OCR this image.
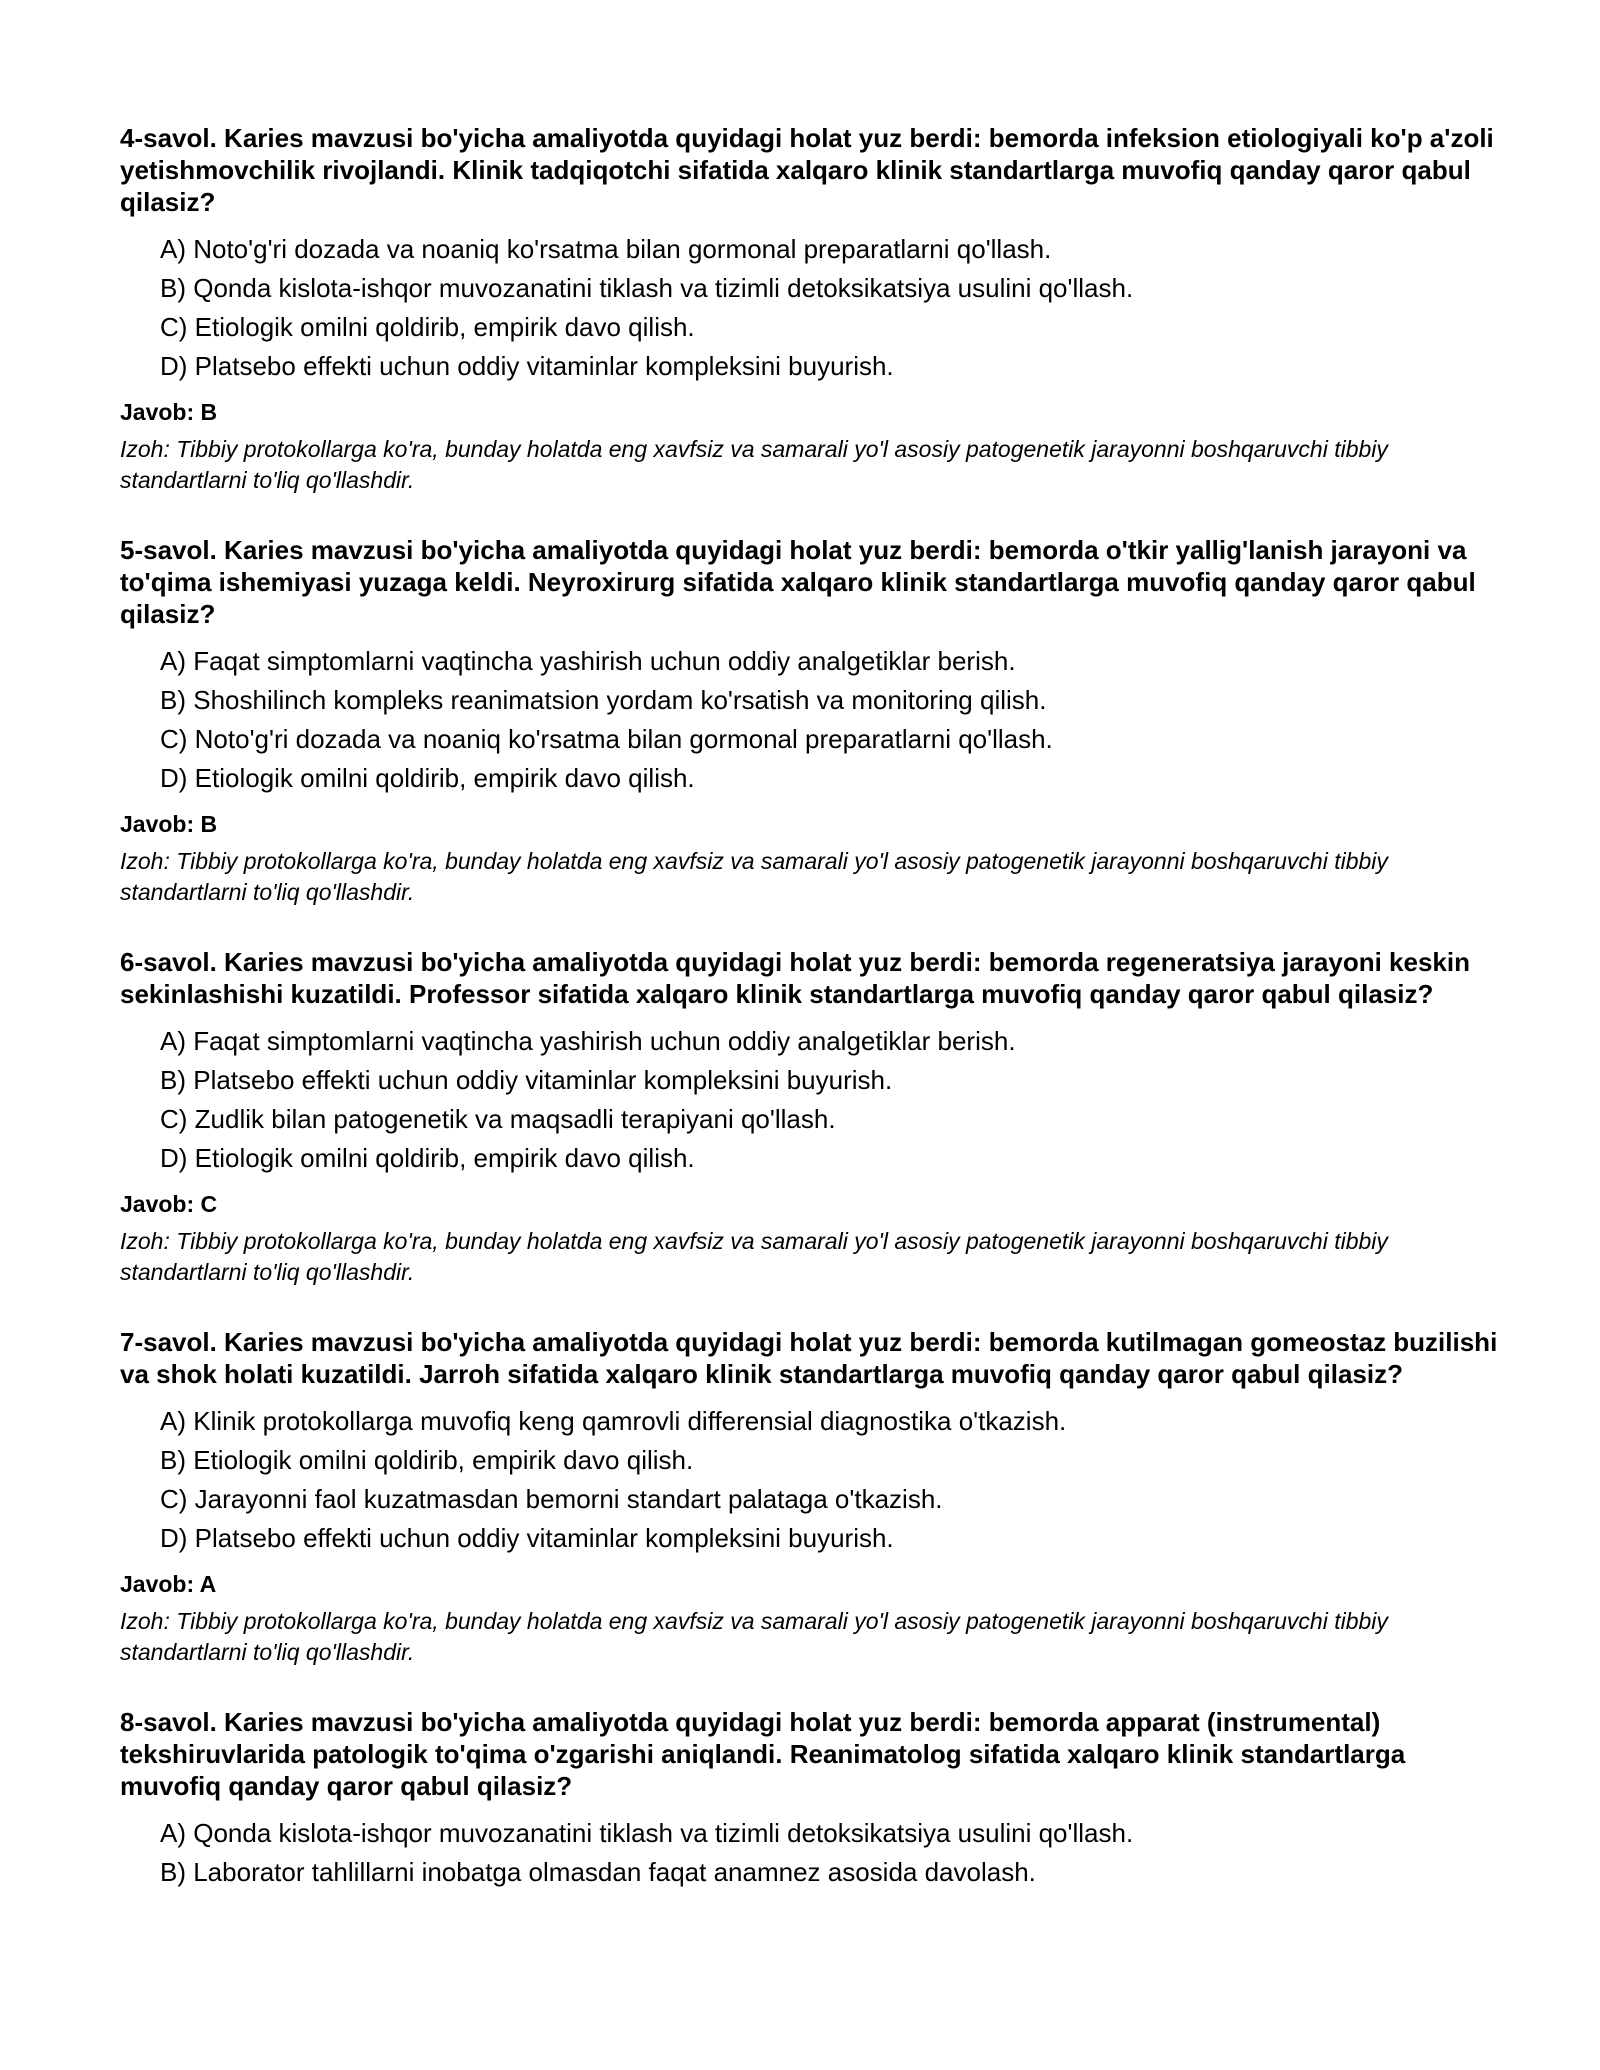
4-savol. Karies mavzusi bo'yicha amaliyotda quyidagi holat yuz berdi: bemorda infeksion etiologiyali ko'p a'zoli yetishmovchilik rivojlandi. Klinik tadqiqotchi sifatida xalqaro klinik standartlarga muvofiq qanday qaror qabul qilasiz?

A) Noto'g'ri dozada va noaniq ko'rsatma bilan gormonal preparatlarni qo'llash.
B) Qonda kislota-ishqor muvozanatini tiklash va tizimli detoksikatsiya usulini qo'llash.
C) Etiologik omilni qoldirib, empirik davo qilish.
D) Platsebo effekti uchun oddiy vitaminlar kompleksini buyurish.

Javob: B

Izoh: Tibbiy protokollarga ko'ra, bunday holatda eng xavfsiz va samarali yo'l asosiy patogenetik jarayonni boshqaruvchi tibbiy standartlarni to'liq qo'llashdir.

5-savol. Karies mavzusi bo'yicha amaliyotda quyidagi holat yuz berdi: bemorda o'tkir yallig'lanish jarayoni va to'qima ishemiyasi yuzaga keldi. Neyroxirurg sifatida xalqaro klinik standartlarga muvofiq qanday qaror qabul qilasiz?

A) Faqat simptomlarni vaqtincha yashirish uchun oddiy analgetiklar berish.
B) Shoshilinch kompleks reanimatsion yordam ko'rsatish va monitoring qilish.
C) Noto'g'ri dozada va noaniq ko'rsatma bilan gormonal preparatlarni qo'llash.
D) Etiologik omilni qoldirib, empirik davo qilish.

Javob: B

Izoh: Tibbiy protokollarga ko'ra, bunday holatda eng xavfsiz va samarali yo'l asosiy patogenetik jarayonni boshqaruvchi tibbiy standartlarni to'liq qo'llashdir.

6-savol. Karies mavzusi bo'yicha amaliyotda quyidagi holat yuz berdi: bemorda regeneratsiya jarayoni keskin sekinlashishi kuzatildi. Professor sifatida xalqaro klinik standartlarga muvofiq qanday qaror qabul qilasiz?

A) Faqat simptomlarni vaqtincha yashirish uchun oddiy analgetiklar berish.
B) Platsebo effekti uchun oddiy vitaminlar kompleksini buyurish.
C) Zudlik bilan patogenetik va maqsadli terapiyani qo'llash.
D) Etiologik omilni qoldirib, empirik davo qilish.

Javob: C

Izoh: Tibbiy protokollarga ko'ra, bunday holatda eng xavfsiz va samarali yo'l asosiy patogenetik jarayonni boshqaruvchi tibbiy standartlarni to'liq qo'llashdir.

7-savol. Karies mavzusi bo'yicha amaliyotda quyidagi holat yuz berdi: bemorda kutilmagan gomeostaz buzilishi va shok holati kuzatildi. Jarroh sifatida xalqaro klinik standartlarga muvofiq qanday qaror qabul qilasiz?

A) Klinik protokollarga muvofiq keng qamrovli differensial diagnostika o'tkazish.
B) Etiologik omilni qoldirib, empirik davo qilish.
C) Jarayonni faol kuzatmasdan bemorni standart palataga o'tkazish.
D) Platsebo effekti uchun oddiy vitaminlar kompleksini buyurish.

Javob: A

Izoh: Tibbiy protokollarga ko'ra, bunday holatda eng xavfsiz va samarali yo'l asosiy patogenetik jarayonni boshqaruvchi tibbiy standartlarni to'liq qo'llashdir.

8-savol. Karies mavzusi bo'yicha amaliyotda quyidagi holat yuz berdi: bemorda apparat (instrumental) tekshiruvlarida patologik to'qima o'zgarishi aniqlandi. Reanimatolog sifatida xalqaro klinik standartlarga muvofiq qanday qaror qabul qilasiz?

A) Qonda kislota-ishqor muvozanatini tiklash va tizimli detoksikatsiya usulini qo'llash.
B) Laborator tahlillarni inobatga olmasdan faqat anamnez asosida davolash.
